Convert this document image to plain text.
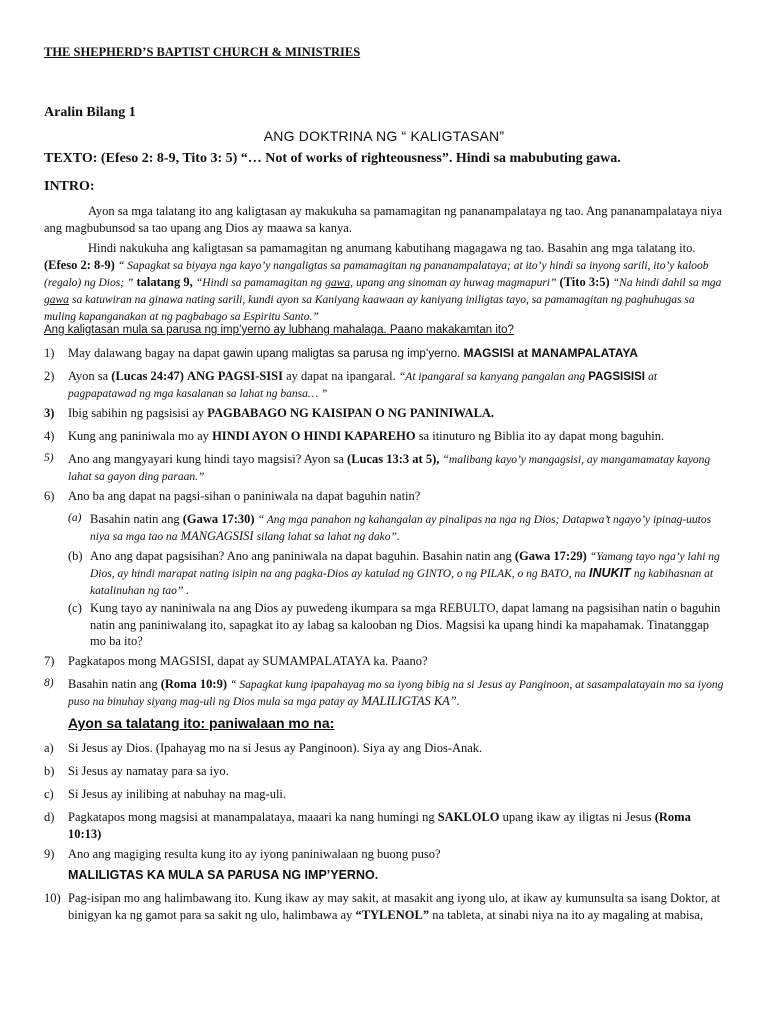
THE SHEPHERD’S BAPTIST CHURCH & MINISTRIES
Aralin Bilang 1
ANG DOKTRINA NG “ KALIGTASAN”
TEXTO: (Efeso 2: 8-9, Tito 3: 5) “… Not of works of righteousness”. Hindi sa mabubuting gawa.
INTRO:
Ayon sa mga talatang ito ang kaligtasan ay makukuha sa pamamagitan ng pananampalataya ng tao. Ang pananampalataya niya ang magbubunsod sa tao upang ang Dios ay maawa sa kanya.
Hindi nakukuha ang kaligtasan sa pamamagitan ng anumang kabutihang magagawa ng tao. Basahin ang mga talatang ito. (Efeso 2: 8-9) “ Sapagkat sa biyaya nga kayo’y nangaligtas sa pamamagitan ng pananampalataya; at ito’y hindi sa inyong sarili, ito’y kaloob (regalo) ng Dios; ” talatang 9, “Hindi sa pamamagitan ng gawa, upang ang sinoman ay huwag magmapuri” (Tito 3:5) “Na hindi dahil sa mga gawa sa katuwiran na ginawa nating sarili, kundi ayon sa Kaniyang kaawaan ay kaniyang iniligtas tayo, sa pamamagitan ng paghuhugas sa muling kapanganakan at ng pagbabago sa Espiritu Santo.”
Ang kaligtasan mula sa parusa ng imp’yerno ay lubhang mahalaga. Paano makakamtan ito?
1) May dalawang bagay na dapat gawin upang maligtas sa parusa ng imp’yerno. MAGSISI at MANAMPALATAYA
2) Ayon sa (Lucas 24:47) ANG PAGSI-SISI ay dapat na ipangaral. “At ipangaral sa kanyang pangalan ang PAGSISISI at pagpapatawad ng mga kasalanan sa lahat ng bansa… ”
3) Ibig sabihin ng pagsisisi ay PAGBABAGO NG KAISIPAN O NG PANINIWALA.
4) Kung ang paniniwala mo ay HINDI AYON O HINDI KAPAREHO sa itinuturo ng Biblia ito ay dapat mong baguhin.
5) Ano ang mangyayari kung hindi tayo magsisi? Ayon sa (Lucas 13:3 at 5), “malibang kayo’y mangagsisi, ay mangamamatay kayong lahat sa gayon ding paraan.”
6) Ano ba ang dapat na pagsi-sihan o paniniwala na dapat baguhin natin?
(a) Basahin natin ang (Gawa 17:30) “ Ang mga panahon ng kahangalan ay pinalipas na nga ng Dios; Datapwa’t ngayo’y ipinag-uutos niya sa mga tao na MANGAGSISI silang lahat sa lahat ng dako”.
(b) Ano ang dapat pagsisihan? Ano ang paniniwala na dapat baguhin. Basahin natin ang (Gawa 17:29) “Yamang tayo nga’y lahi ng Dios, ay hindi marapat nating isipin na ang pagka-Dios ay katulad ng GINTO, o ng PILAK, o ng BATO, na INUKIT ng kabihasnan at katalinuhan ng tao” .
(c) Kung tayo ay naniniwala na ang Dios ay puwedeng ikumpara sa mga REBULTO, dapat lamang na pagsisihan natin o baguhin natin ang paniniwalang ito, sapagkat ito ay labag sa kalooban ng Dios. Magsisi ka upang hindi ka mapahamak. Tinatanggap mo ba ito?
7) Pagkatapos mong MAGSISI, dapat ay SUMAMPALATAYA ka. Paano?
8) Basahin natin ang (Roma 10:9) “ Sapagkat kung ipapahayag mo sa iyong bibig na si Jesus ay Panginoon, at sasampalatayain mo sa iyong puso na binuhay siyang mag-uli ng Dios mula sa mga patay ay MALILIGTAS KA”.
Ayon sa talatang ito: paniwalaan mo na:
a) Si Jesus ay Dios. (Ipahayag mo na si Jesus ay Panginoon). Siya ay ang Dios-Anak.
b) Si Jesus ay namatay para sa iyo.
c) Si Jesus ay inilibing at nabuhay na mag-uli.
d) Pagkatapos mong magsisi at manampalataya, maaari ka nang humingi ng SAKLOLO upang ikaw ay iligtas ni Jesus (Roma 10:13)
9) Ano ang magiging resulta kung ito ay iyong paniniwalaan ng buong puso?
MALILIGTAS KA MULA SA PARUSA NG IMP’YERNO.
10) Pag-isipan mo ang halimbawang ito. Kung ikaw ay may sakit, at masakit ang iyong ulo, at ikaw ay kumunsulta sa isang Doktor, at binigyan ka ng gamot para sa sakit ng ulo, halimbawa ay “TYLENOL” na tableta, at sinabi niya na ito ay magaling at mabisa,
